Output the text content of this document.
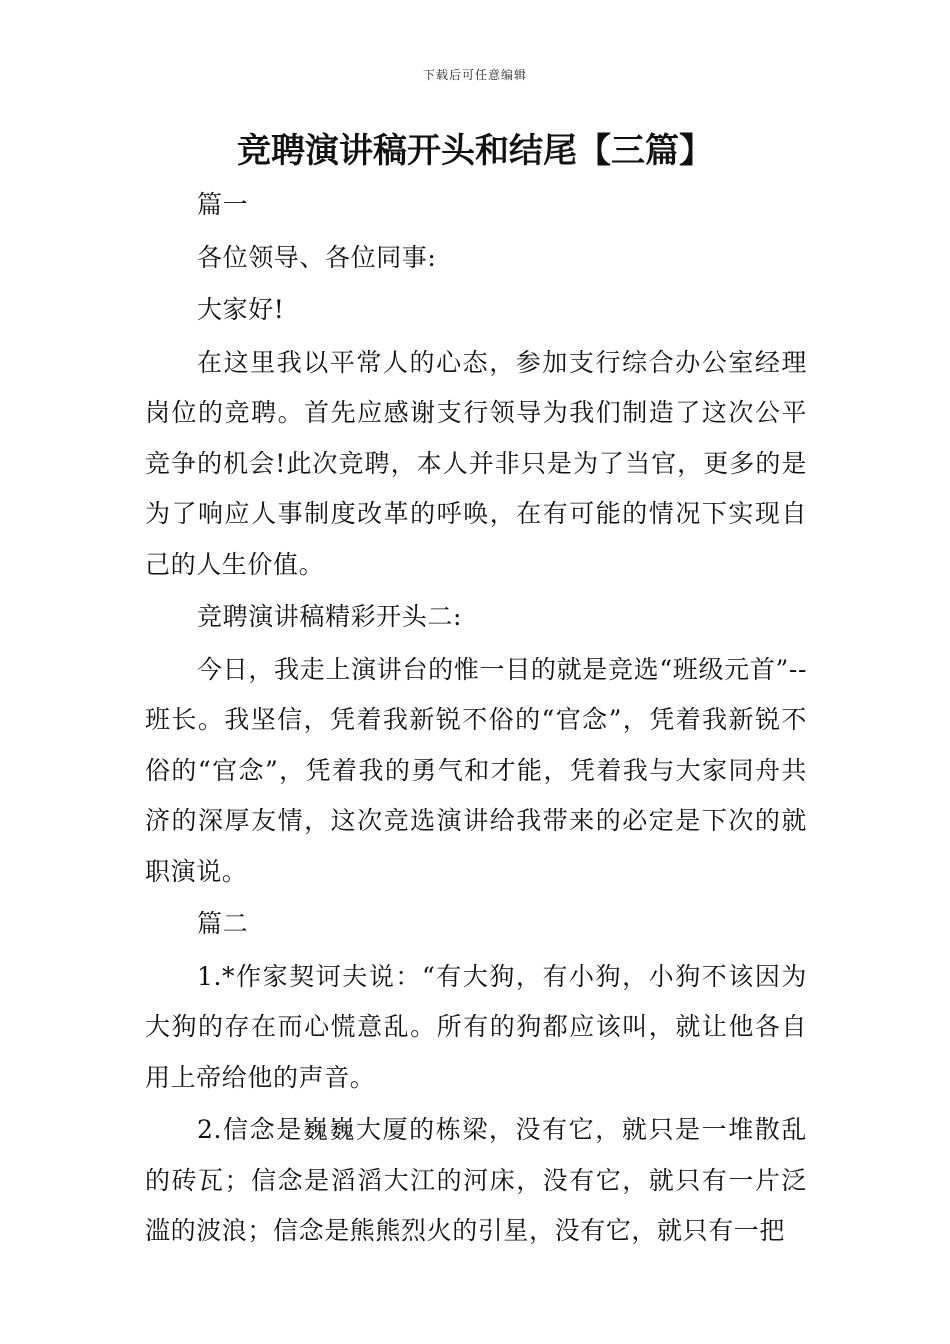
下载后可任意编辑
竞聘演讲稿开头和结尾【三篇】

篇一

各位领导、各位同事:

大家好!

在这里我以平常人的心态，参加支行综合办公室经理岗位的竞聘。首先应感谢支行领导为我们制造了这次公平竞争的机会!此次竞聘，本人并非只是为了当官，更多的是为了响应人事制度改革的呼唤，在有可能的情况下实现自己的人生价值。

竞聘演讲稿精彩开头二:

今日，我走上演讲台的惟一目的就是竞选“班级元首”--班长。我坚信，凭着我新锐不俗的“官念”，凭着我新锐不俗的“官念”，凭着我的勇气和才能，凭着我与大家同舟共济的深厚友情，这次竞选演讲给我带来的必定是下次的就职演说。

篇二

1.*作家契诃夫说：“有大狗，有小狗，小狗不该因为大狗的存在而心慌意乱。所有的狗都应该叫，就让他各自用上帝给他的声音。

2.信念是巍巍大厦的栋梁，没有它，就只是一堆散乱的砖瓦；信念是滔滔大江的河床，没有它，就只有一片泛滥的波浪；信念是熊熊烈火的引星，没有它，就只有一把
